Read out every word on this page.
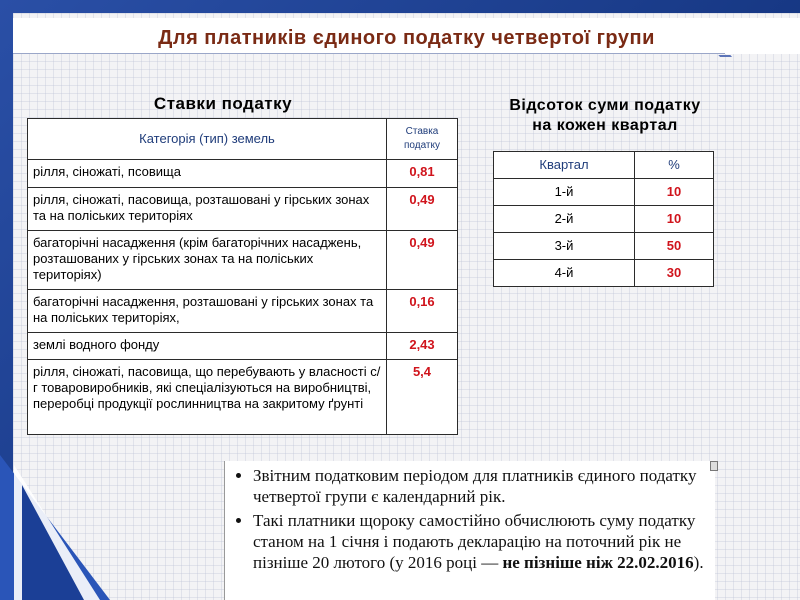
Для платників єдиного податку четвертої групи
Ставки податку
Категорія (тип) земель	Ставка податку
рілля, сіножаті, псовища	0,81
рілля, сіножаті, пасовища, розташовані у гірських зонах та на поліських територіях	0,49
багаторічні насадження (крім багаторічних насаджень, розташованих у гірських зонах та на поліських територіях)	0,49
багаторічні насадження, розташовані у гірських зонах та на поліських територіях,	0,16
землі водного фонду	2,43
рілля, сіножаті, пасовища, що перебувають у власності с/г товаровиробників, які спеціалізуються на виробництві, переробці продукції рослинництва на закритому ґрунті	5,4
Відсоток суми податку
на кожен квартал
Квартал	%
1-й	10
2-й	10
3-й	50
4-й	30
• Звітним податковим періодом для платників єдиного податку четвертої групи є календарний рік.
• Такі платники щороку самостійно обчислюють суму податку станом на 1 січня і подають декларацію на поточний рік не пізніше 20 лютого (у 2016 році — не пізніше ніж 22.02.2016).
